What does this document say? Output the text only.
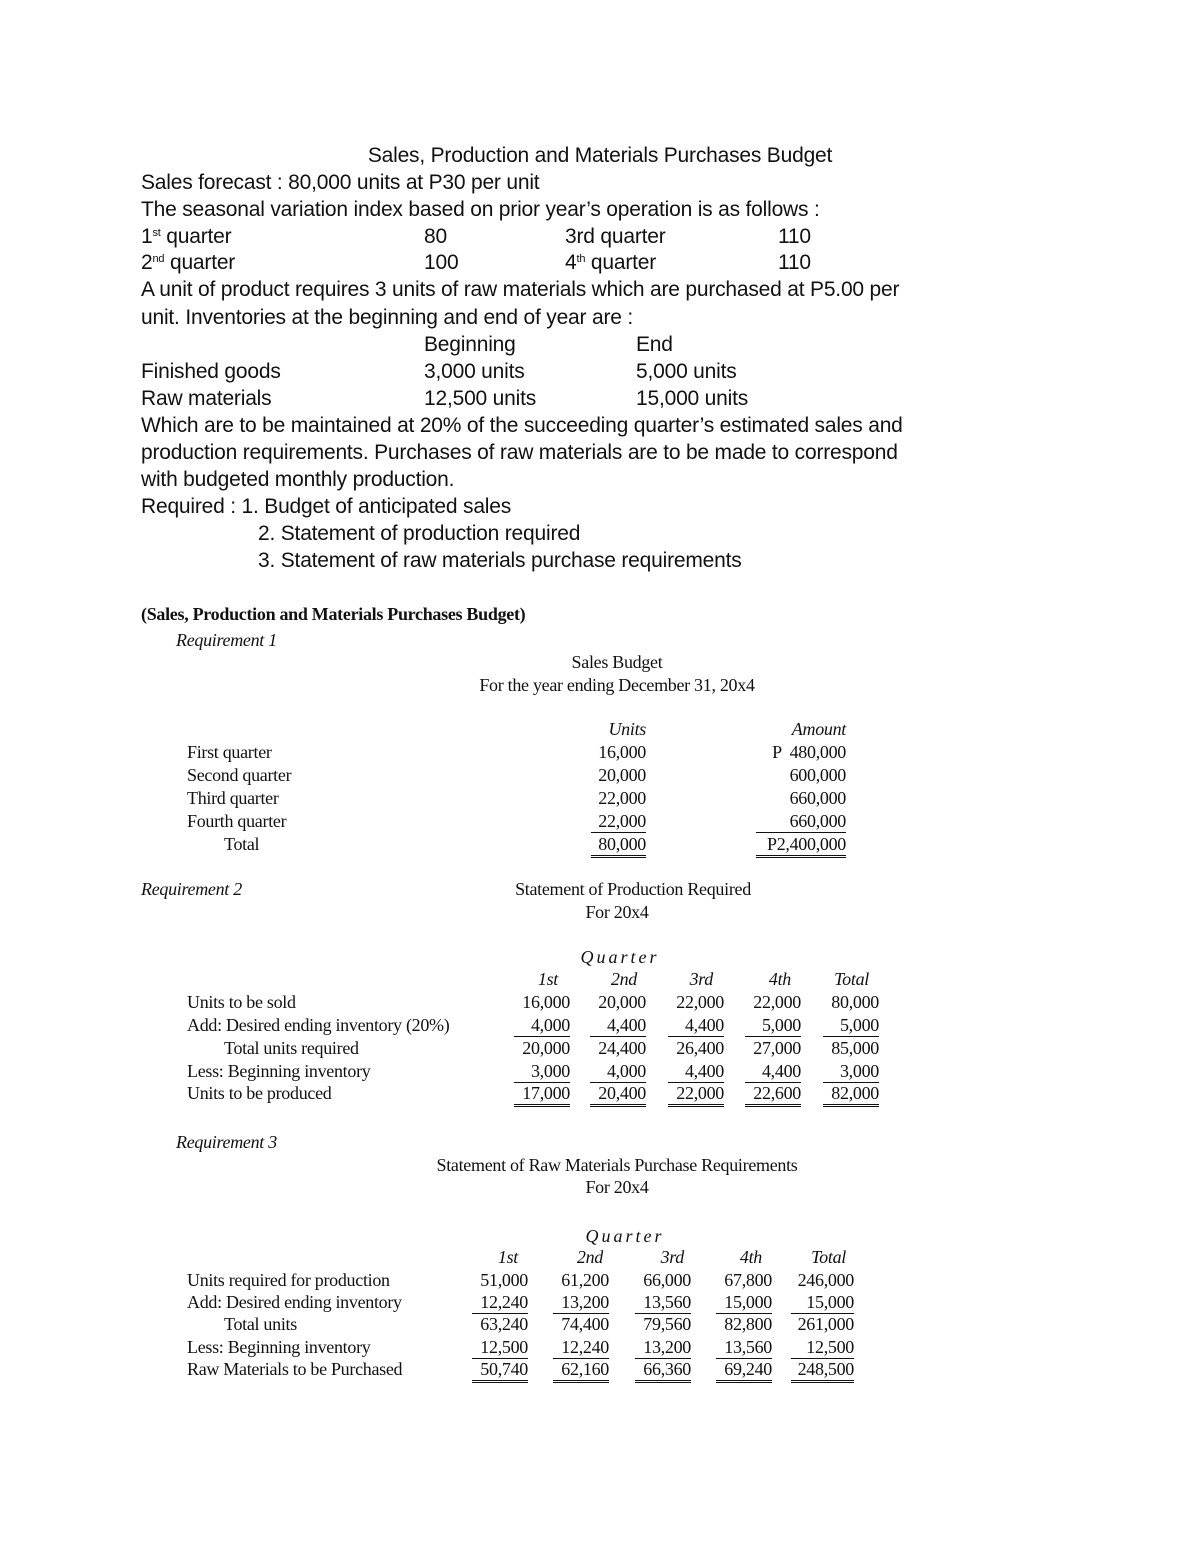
Sales, Production and Materials Purchases Budget
Sales forecast : 80,000 units at P30 per unit
The seasonal variation index based on prior year’s operation is as follows :
1st quarter	80	3rd quarter	110
2nd quarter	100	4th quarter	110
A unit of product requires 3 units of raw materials which are purchased at P5.00 per
unit. Inventories at the beginning and end of year are :
Beginning	End
Finished goods	3,000 units	5,000 units
Raw materials	12,500 units	15,000 units
Which are to be maintained at 20% of the succeeding quarter’s estimated sales and
production requirements. Purchases of raw materials are to be made to correspond
with budgeted monthly production.
Required : 1. Budget of anticipated sales
2. Statement of production required
3. Statement of raw materials purchase requirements
(Sales, Production and Materials Purchases Budget)
Requirement 1
Sales Budget
For the year ending December 31, 20x4
Units	Amount
First quarter	16,000	P  480,000
Second quarter	20,000	600,000
Third quarter	22,000	660,000
Fourth quarter	22,000	660,000
Total	80,000	P2,400,000
Requirement 2	Statement of Production Required
For 20x4
Quarter
1st	2nd	3rd	4th Total
Units to be sold	16,000 20,000 22,000 22,000 80,000
Add: Desired ending inventory (20%)	4,000	4,400	4,400	5,000	5,000
Total units required	20,000 24,400 26,400 27,000 85,000
Less: Beginning inventory	3,000	4,000	4,400	4,400	3,000
Units to be produced	17,000	20,400	22,000	22,600	82,000
Requirement 3
Statement of Raw Materials Purchase Requirements
For 20x4
Quarter
1st	2nd	3rd	4th	Total
Units required for production	51,000 61,200 66,000 67,800 246,000
Add: Desired ending inventory	12,240	13,200	13,560	15,000	15,000
Total units	63,240 74,400 79,560 82,800 261,000
Less: Beginning inventory	12,500	12,240	13,200	13,560	12,500
Raw Materials to be Purchased	50,740	62,160	66,360	69,240	248,500
